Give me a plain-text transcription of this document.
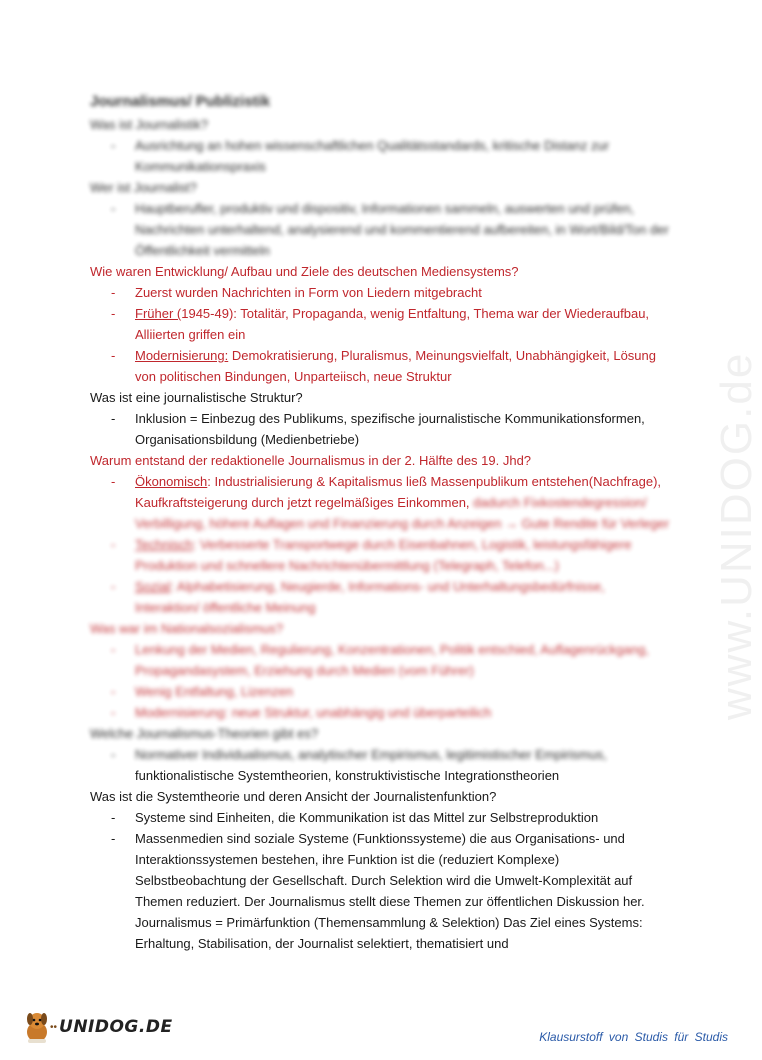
www.UNIDOG.de

Journalismus/ Publizistik

Was ist Journalistik?

- Ausrichtung an hohen wissenschaftlichen Qualitätsstandards, kritische Distanz zur Kommunikationspraxis

Wer ist Journalist?

- Hauptberufler, produktiv und dispositiv, Informationen sammeln, auswerten und prüfen, Nachrichten unterhaltend, analysierend und kommentierend aufbereiten, in Wort/Bild/Ton der Öffentlichkeit vermitteln

Wie waren Entwicklung/ Aufbau und Ziele des deutschen Mediensystems?

- Zuerst wurden Nachrichten in Form von Liedern mitgebracht
- Früher (1945-49): Totalitär, Propaganda, wenig Entfaltung, Thema war der Wiederaufbau, Alliierten griffen ein
- Modernisierung: Demokratisierung, Pluralismus, Meinungsvielfalt, Unabhängigkeit, Lösung von politischen Bindungen, Unparteiisch, neue Struktur

Was ist eine journalistische Struktur?

- Inklusion = Einbezug des Publikums, spezifische journalistische Kommunikationsformen, Organisationsbildung (Medienbetriebe)

Warum entstand der redaktionelle Journalismus in der 2. Hälfte des 19. Jhd?

- Ökonomisch: Industrialisierung & Kapitalismus ließ Massenpublikum entstehen(Nachfrage), Kaufkraftsteigerung durch jetzt regelmäßiges Einkommen, dadurch Fixkostendegression/ Verbilligung, höhere Auflagen und Finanzierung durch Anzeigen → Gute Rendite für Verleger
- Technisch: Verbesserte Transportwege durch Eisenbahnen, Logistik, leistungsfähigere Produktion und schnellere Nachrichtenübermittlung (Telegraph, Telefon...)
- Sozial: Alphabetisierung, Neugierde, Informations- und Unterhaltungsbedürfnisse, Interaktion/ öffentliche Meinung

Was war im Nationalsozialismus?

- Lenkung der Medien, Regulierung, Konzentrationen, Politik entschied, Auflagenrückgang, Propagandasystem, Erziehung durch Medien (vom Führer)
- Wenig Entfaltung, Lizenzen
- Modernisierung: neue Struktur, unabhängig und überparteilich

Welche Journalismus-Theorien gibt es?

- Normativer Individualismus, analytischer Empirismus, legitimistischer Empirismus,
funktionalistische Systemtheorien, konstruktivistische Integrationstheorien

Was ist die Systemtheorie und deren Ansicht der Journalistenfunktion?

- Systeme sind Einheiten, die Kommunikation ist das Mittel zur Selbstreproduktion
- Massenmedien sind soziale Systeme (Funktionssysteme) die aus Organisations- und Interaktionssystemen bestehen, ihre Funktion ist die (reduziert Komplexe) Selbstbeobachtung der Gesellschaft. Durch Selektion wird die Umwelt-Komplexität auf Themen reduziert. Der Journalismus stellt diese Themen zur öffentlichen Diskussion her. Journalismus = Primärfunktion (Themensammlung & Selektion) Das Ziel eines Systems: Erhaltung, Stabilisation, der Journalist selektiert, thematisiert und
•• UNIDOG.DE	Klausurstoff von Studis für Studis
